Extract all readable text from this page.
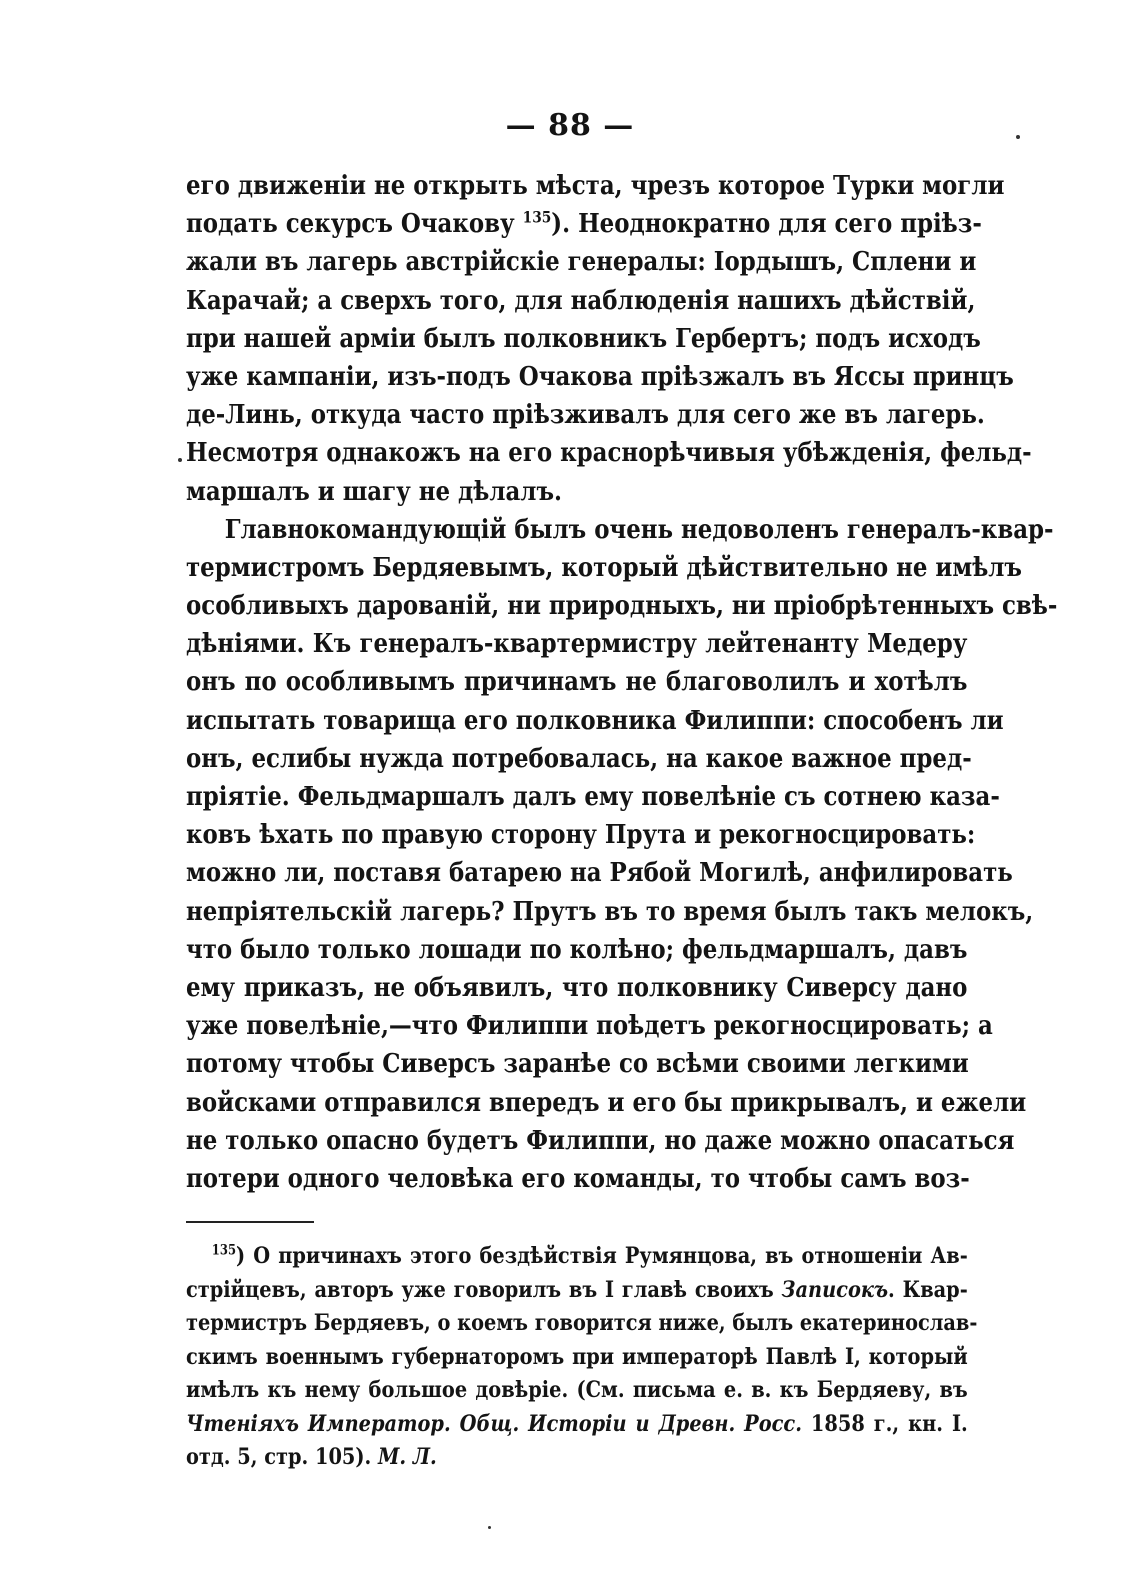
— 88 —
его движеніи не открыть мѣста, чрезъ которое Турки могли
подать секурсъ Очакову $^{135}$). Неоднократно для сего пріѣз-
жали въ лагерь австрійскіе генералы: Іордышъ, Сплени и
Карачай; а сверхъ того, для наблюденія нашихъ дѣйствій,
при нашей арміи былъ полковникъ Гербертъ; подъ исходъ
уже кампаніи, изъ-подъ Очакова пріѣзжалъ въ Яссы принцъ
де-Линь, откуда часто пріѣзживалъ для сего же въ лагерь.
Несмотря однакожъ на его краснорѣчивыя убѣжденія, фельд-
маршалъ и шагу не дѣлалъ.
Главнокомандующій былъ очень недоволенъ генералъ-квар-
термистромъ Бердяевымъ, который дѣйствительно не имѣлъ
особливыхъ дарованій, ни природныхъ, ни пріобрѣтенныхъ свѣ-
дѣніями. Къ генералъ-квартермистру лейтенанту Медеру
онъ по особливымъ причинамъ не благоволилъ и хотѣлъ
испытать товарища его полковника Филиппи: способенъ ли
онъ, еслибы нужда потребовалась, на какое важное пред-
пріятіе. Фельдмаршалъ далъ ему повелѣніе съ сотнею каза-
ковъ ѣхать по правую сторону Прута и рекогносцировать:
можно ли, поставя батарею на Рябой Могилѣ, анфилировать
непріятельскій лагерь? Прутъ въ то время былъ такъ мелокъ,
что было только лошади по колѣно; фельдмаршалъ, давъ
ему приказъ, не объявилъ, что полковнику Сиверсу дано
уже повелѣніе,—что Филиппи поѣдетъ рекогносцировать; а
потому чтобы Сиверсъ заранѣе со всѣми своими легкими
войсками отправился впередъ и его бы прикрывалъ, и ежели
не только опасно будетъ Филиппи, но даже можно опасаться
потери одного человѣка его команды, то чтобы самъ воз-
$^{135}$) О причинахъ этого бездѣйствія Румянцова, въ отношеніи Ав-
стрійцевъ, авторъ уже говорилъ въ І главѣ своихъ Записокъ. Квар-
термистръ Бердяевъ, о коемъ говорится ниже, былъ екатеринослав-
скимъ военнымъ губернаторомъ при императорѣ Павлѣ I, который
имѣлъ къ нему большое довѣріе. (См. письма е. в. къ Бердяеву, въ
Чтеніяхъ Император. Общ. Исторіи и Древн. Росс. 1858 г., кн. I.
отд. 5, стр. 105). М. Л.
